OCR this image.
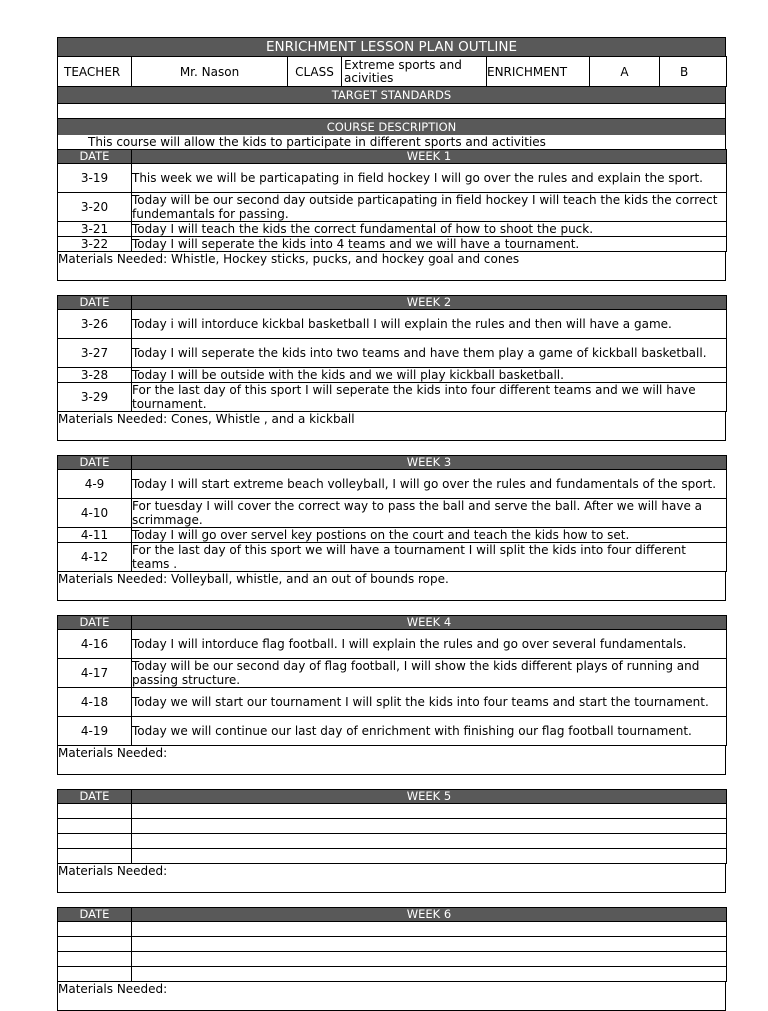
ENRICHMENT LESSON PLAN OUTLINE
TEACHER	Mr. Nason	CLASS	Extreme sports and acivities	ENRICHMENT	A	B
TARGET STANDARDS
COURSE DESCRIPTION
This course will allow the kids to participate in different sports and activities
DATE	WEEK 1
3-19	This week we will be particapating in field hockey I will go over the rules and explain the sport.
3-20	Today will be our second day outside particapating in field hockey I will teach the kids the correct fundemantals for passing.
3-21	Today I will teach the kids the correct fundamental of how to shoot the puck.
3-22	Today I will seperate the kids into 4 teams and we will have a tournament.
Materials Needed: Whistle, Hockey sticks, pucks, and hockey goal and cones
DATE	WEEK 2
3-26	Today i will intorduce kickbal basketball I will explain the rules and then will have a game.
3-27	Today I will seperate the kids into two teams and have them play a game of kickball basketball.
3-28	Today I will be outside with the kids and we will play kickball basketball.
3-29	For the last day of this sport I will seperate the kids into four different teams and we will have tournament.
Materials Needed: Cones, Whistle , and a kickball
DATE	WEEK 3
4-9	Today I will start extreme beach volleyball, I will go over the rules and fundamentals of the sport.
4-10	For tuesday I will cover the correct way to pass the ball and serve the ball. After we will have a scrimmage.
4-11	Today I will go over servel key postions on the court and teach the kids how to set.
4-12	For the last day of this sport we will have a tournament I will split the kids into four different teams .
Materials Needed: Volleyball, whistle, and an out of bounds rope.
DATE	WEEK 4
4-16	Today I will intorduce flag football. I will explain the rules and go over several fundamentals.
4-17	Today will be our second day of flag football, I will show the kids different plays of running and passing structure.
4-18	Today we will start our tournament I will split the kids into four teams and start the tournament.
4-19	Today we will continue our last day of enrichment with finishing our flag football tournament.
Materials Needed:
DATE	WEEK 5

Materials Needed:
DATE	WEEK 6

Materials Needed:
